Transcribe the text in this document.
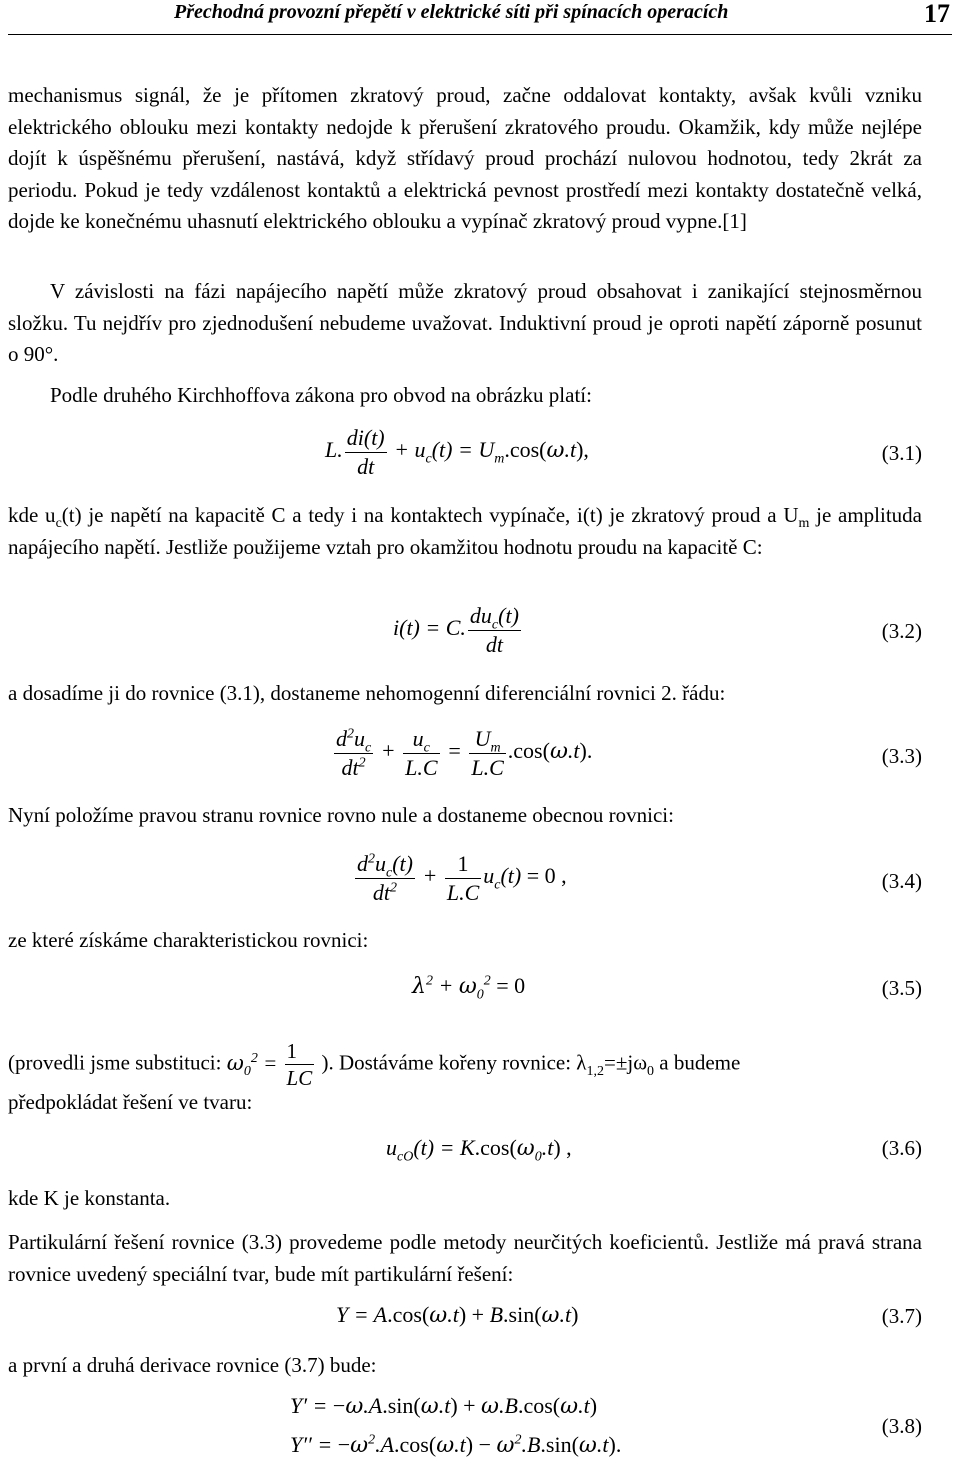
Přechodná provozní přepětí v elektrické síti při spínacích operacích	17
mechanismus signál, že je přítomen zkratový proud, začne oddalovat kontakty, avšak kvůli vzniku elektrického oblouku mezi kontakty nedojde k přerušení zkratového proudu. Okamžik, kdy může nejlépe dojít k úspěšnému přerušení, nastává, když střídavý proud prochází nulovou hodnotou, tedy 2krát za periodu. Pokud je tedy vzdálenost kontaktů a elektrická pevnost prostředí mezi kontakty dostatečně velká, dojde ke konečnému uhasnutí elektrického oblouku a vypínač zkratový proud vypne.[1]
V závislosti na fázi napájecího napětí může zkratový proud obsahovat i zanikající stejnosměrnou složku. Tu nejdřív pro zjednodušení nebudeme uvažovat. Induktivní proud je oproti napětí záporně posunut o 90°.
Podle druhého Kirchhoffova zákona pro obvod na obrázku platí:
L. $\frac{di(t)}{dt} + u_c(t) = U_m.\cos(\omega.t)$,	(3.1)
kde $u_c(t)$ je napětí na kapacitě C a tedy i na kontaktech vypínače, i(t) je zkratový proud a $U_m$ je amplituda napájecího napětí. Jestliže použijeme vztah pro okamžitou hodnotu proudu na kapacitě C:
i(t) = C. $\frac{du_c(t)}{dt}$	(3.2)
a dosadíme ji do rovnice (3.1), dostaneme nehomogenní diferenciální rovnici 2. řádu:
$\frac{d^2u_c}{dt^2} + \frac{u_c}{L.C} = \frac{U_m}{L.C} .\cos(\omega.t)$.	(3.3)
Nyní položíme pravou stranu rovnice rovno nule a dostaneme obecnou rovnici:
$\frac{d^2u_c(t)}{dt^2} + \frac{1}{L.C} u_c(t) = 0$ ,	(3.4)
ze které získáme charakteristickou rovnici:
$\lambda^2 + \omega_0^2 = 0$	(3.5)
(provedli jsme substituci: $\omega_0^2 = \frac{1}{LC}$ ). Dostáváme kořeny rovnice: $\lambda_{1,2}=\pm j\omega_0$ a budeme
předpokládat řešení ve tvaru:
$u_{cO}(t) = K.\cos(\omega_0.t)$ ,	(3.6)
kde K je konstanta.
Partikulární řešení rovnice (3.3) provedeme podle metody neurčitých koeficientů. Jestliže má pravá strana rovnice uvedený speciální tvar, bude mít partikulární řešení:
Y = A.cos(ω.t) + B.sin(ω.t)	(3.7)
a první a druhá derivace rovnice (3.7) bude:
Y′ = −ω.A.sin(ω.t) + ω.B.cos(ω.t)
$Y'' = -\omega^2.A.\cos(\omega.t) - \omega^2.B.\sin(\omega.t)$.
(3.8)
